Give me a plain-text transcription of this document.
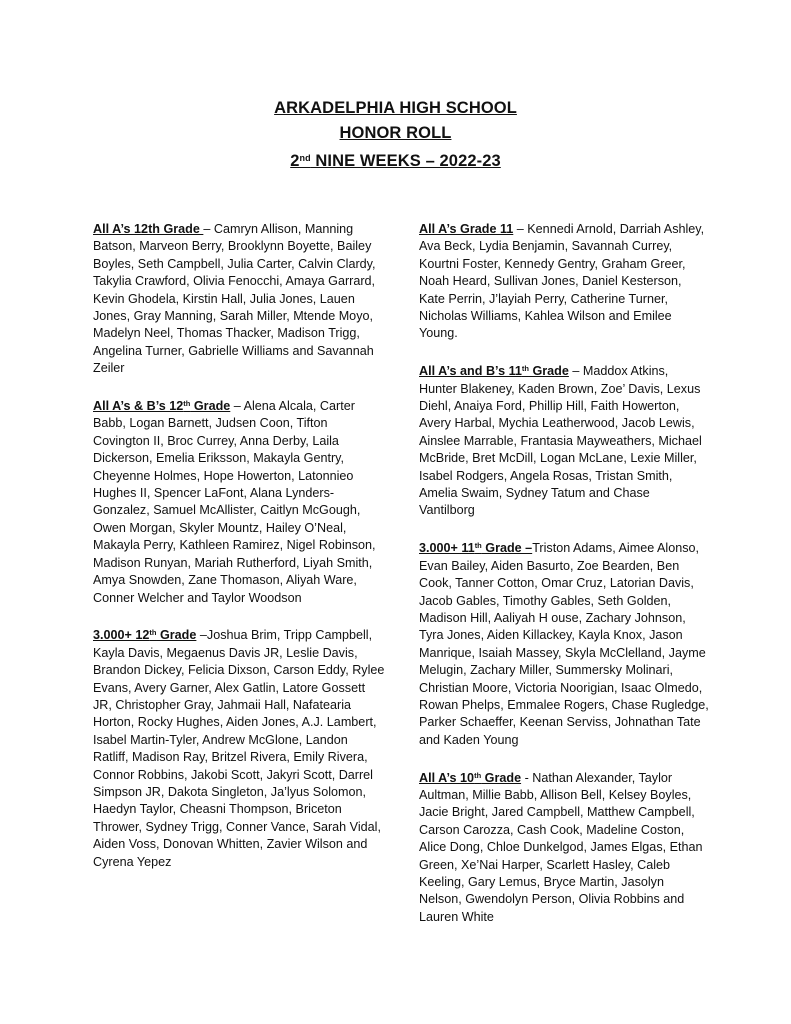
ARKADELPHIA HIGH SCHOOL
HONOR ROLL
2nd NINE WEEKS – 2022-23

All A’s 12th Grade – Camryn Allison, Manning Batson, Marveon Berry, Brooklynn Boyette, Bailey Boyles, Seth Campbell, Julia Carter, Calvin Clardy, Takylia Crawford, Olivia Fenocchi, Amaya Garrard, Kevin Ghodela, Kirstin Hall, Julia Jones, Lauen Jones, Gray Manning, Sarah Miller, Mtende Moyo, Madelyn Neel, Thomas Thacker, Madison Trigg, Angelina Turner, Gabrielle Williams and Savannah Zeiler

All A’s & B’s 12th Grade – Alena Alcala, Carter Babb, Logan Barnett, Judsen Coon, Tifton Covington II, Broc Currey, Anna Derby, Laila Dickerson, Emelia Eriksson, Makayla Gentry, Cheyenne Holmes, Hope Howerton, Latonnieo Hughes II, Spencer LaFont, Alana Lynders-Gonzalez, Samuel McAllister, Caitlyn McGough, Owen Morgan, Skyler Mountz, Hailey O’Neal, Makayla Perry, Kathleen Ramirez, Nigel Robinson, Madison Runyan, Mariah Rutherford, Liyah Smith, Amya Snowden, Zane Thomason, Aliyah Ware, Conner Welcher and Taylor Woodson

3.000+ 12th Grade –Joshua Brim, Tripp Campbell, Kayla Davis, Megaenus Davis JR, Leslie Davis, Brandon Dickey, Felicia Dixson, Carson Eddy, Rylee Evans, Avery Garner, Alex Gatlin, Latore Gossett JR, Christopher Gray, Jahmaii Hall, Nafatearia Horton, Rocky Hughes, Aiden Jones, A.J. Lambert, Isabel Martin-Tyler, Andrew McGlone, Landon Ratliff, Madison Ray, Britzel Rivera, Emily Rivera, Connor Robbins, Jakobi Scott, Jakyri Scott, Darrel Simpson JR, Dakota Singleton, Ja’lyus Solomon, Haedyn Taylor, Cheasni Thompson, Briceton Thrower, Sydney Trigg, Conner Vance, Sarah Vidal, Aiden Voss, Donovan Whitten, Zavier Wilson and Cyrena Yepez

All A’s Grade 11 – Kennedi Arnold, Darriah Ashley, Ava Beck, Lydia Benjamin, Savannah Currey, Kourtni Foster, Kennedy Gentry, Graham Greer, Noah Heard, Sullivan Jones, Daniel Kesterson, Kate Perrin, J’layiah Perry, Catherine Turner, Nicholas Williams, Kahlea Wilson and Emilee Young.

All A’s and B’s 11th Grade – Maddox Atkins, Hunter Blakeney, Kaden Brown, Zoe’ Davis, Lexus Diehl, Anaiya Ford, Phillip Hill, Faith Howerton, Avery Harbal, Mychia Leatherwood, Jacob Lewis, Ainslee Marrable, Frantasia Mayweathers, Michael McBride, Bret McDill, Logan McLane, Lexie Miller, Isabel Rodgers, Angela Rosas, Tristan Smith, Amelia Swaim, Sydney Tatum and Chase Vantilborg

3.000+ 11th Grade –Triston Adams, Aimee Alonso, Evan Bailey, Aiden Basurto, Zoe Bearden, Ben Cook, Tanner Cotton, Omar Cruz, Latorian Davis, Jacob Gables, Timothy Gables, Seth Golden, Madison Hill, Aaliyah H ouse, Zachary Johnson, Tyra Jones, Aiden Killackey, Kayla Knox, Jason Manrique, Isaiah Massey, Skyla McClelland, Jayme Melugin, Zachary Miller, Summersky Molinari, Christian Moore, Victoria Noorigian, Isaac Olmedo, Rowan Phelps, Emmalee Rogers, Chase Rugledge, Parker Schaeffer, Keenan Serviss, Johnathan Tate and Kaden Young

All A’s 10th Grade - Nathan Alexander, Taylor Aultman, Millie Babb, Allison Bell, Kelsey Boyles, Jacie Bright, Jared Campbell, Matthew Campbell, Carson Carozza, Cash Cook, Madeline Coston, Alice Dong, Chloe Dunkelgod, James Elgas, Ethan Green, Xe’Nai Harper, Scarlett Hasley, Caleb Keeling, Gary Lemus, Bryce Martin, Jasolyn Nelson, Gwendolyn Person, Olivia Robbins and Lauren White
